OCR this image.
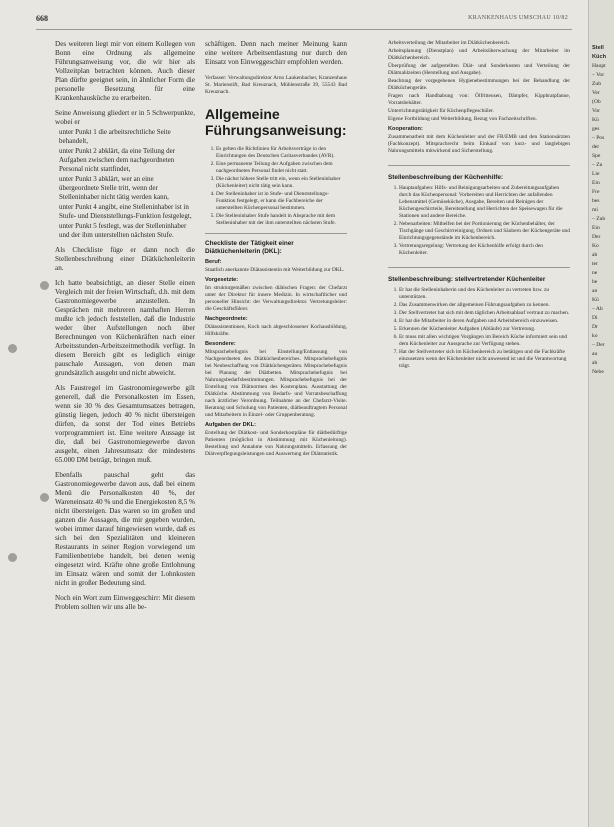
668	KRANKENHAUS UMSCHAU 10/82

Des weiteren liegt mir von einem Kollegen von Bonn eine Ordnung als allgemeine Führungsanweisung vor, die wir hier als Vollzeitplan betrachten können. Auch dieser Plan dürfte geeignet sein, in ähnlicher Form die personelle Besetzung für eine Krankenhausküche zu erarbeiten.

Seine Anweisung gliedert er in 5 Schwerpunkte, wobei er

unter Punkt 1 die arbeitsrechtliche Seite behandelt,
unter Punkt 2 abklärt, da eine Teilung der Aufgaben zwischen dem nachgeordneten Personal nicht stattfindet,
unter Punkt 3 abklärt, wer an eine übergeordnete Stelle tritt, wenn der Stelleninhaber nicht tätig werden kann,
unter Punkt 4 angibt, eine Stelleninhaber ist in Stufe- und Dienststellungs-Funktion festgelegt,
unter Punkt 5 festlegt, was der Stelleninhaber und der ihm unterstellten nächsten Stufe.

Als Checkliste füge er dann noch die Stellenbeschreibung einer Diätküchenleiterin an.

Ich hatte beabsichtigt, an dieser Stelle einen Vergleich mit der freien Wirtschaft, d.h. mit dem Gastronomiegewerbe anzustellen. In Gesprächen mit mehreren namhaften Herren mußte ich jedoch feststellen, daß die Industrie weder über Aufstellungen noch über Berechnungen von Küchenkräften nach einer Arbeitsstunden-Arbeitszeitmethodik verfügt. In diesem Bereich gibt es lediglich einige pauschale Aussagen, von denen man grundsätzlich ausgeht und nicht abweicht.

Als Faustregel im Gastronomiegewerbe gilt generell, daß die Personalkosten im Essen, wenn sie 30 % des Gesamtumsatzes betragen, günstig liegen, jedoch 40 % nicht übersteigen dürfen, da sonst der Tod eines Betriebs vorprogrammiert ist. Eine weitere Aussage ist die, daß bei Gastronomiegewerbe davon ausgeht, einen Jahresumsatz der mindestens 65.000 DM beträgt, bringen muß.

Ebenfalls pauschal geht das Gastronomiegewerbe davon aus, daß bei einem Menü die Personalkosten 40 %, der Wareneinsatz 40 % und die Energiekosten 8,5 % nicht übersteigen. Das waren so im großen und ganzen die Aussagen, die mir gegeben wurden, wobei immer darauf hingewiesen wurde, daß es sich bei den Spezialitäten und kleineren Restaurants in seiner Region vorwiegend um Familienbetriebe handelt, bei denen wenig eingesetzt wird. Kräfte ohne große Entlohnung im Einsatz wären und somit der Lohnkosten nicht in großer Bedeutung sind.

Noch ein Wort zum Einweggeschirr: Mit diesem Problem sollten wir uns alle be-

schäftigen. Denn nach meiner Meinung kann eine weitere Arbeitsentlastung nur durch den Einsatz von Einweggeschirr empfohlen werden.

Verfasser: Verwaltungsdirektor Arno Laukenbacher, Kranzenhaus St. Marienstift, Bad Kreuznach, Mühlenstraße 39, 55543 Bad Kreuznach.

Allgemeine Führungsanweisung:
1. Es gelten die Richtlinien für Arbeitsverträge in den Einrichtungen des Deutschen Caritasverbandes (AVR).
2. Eine permanente Teilung der Aufgaben zwischen dem nachgeordneten Personal findet nicht statt.
3. Die nächst höhere Stelle tritt ein, wenn ein Stelleninhaber (Küchenleiter) nicht tätig sein kann.
4. Der Stelleninhaber ist in Stufe- und Dienststellungs-Funktion festgelegt, er kann die Fachbereiche der unterstellten Küchenpersonal bestimmen.
5. Die Stelleninhaber Stufe handelt in Absprache mit dem Stelleninhaber mit der ihm unterstellten nächsten Stufe.
Checkliste der Tätigkeit einer Diätküchenleiterin (DKL):
Beruf:

Staatlich anerkannte Diätassistentin mit Weiterbildung zur DKL.

Vorgesetzte:

Im strukturgemäßen zwischen diätischen Fragen: der Chefarzt unter der Direktor für innere Medizin. In wirtschaftlicher und personeller Hinsicht: der Verwaltungsdirektor. Vertretungsleiter: die Geschäftsführer.

Nachgeordnete:

Diätassistentinnen, Koch nach abgeschlossener Kochausbildung, Hilfskräfte.

Besondere:

Mitsprachebefugnis bei Einstellung/Entlassung von Nachgeordneten des Diätküchenbereiches. Mitsprachebefugnis bei Neubeschaffung von Diätküchengeräten. Mitsprachebefugnis bei Planung der Diätbetten. Mitsprachebefugnis bei Nahrungsbedarfsbestimmungen. Mitsprachebefugnis bei der Erstellung von Diätnormen des Kostenplans. Ausstattung der Diätküche. Abstimmung von Bedarfs- und Vorratsbeschaffung nach ärztlicher Verordnung. Teilnahme an der Chefarzt-Visite. Beratung und Schulung von Patienten, diätbeauftragtem Personal und Mitarbeitern in Einzel- oder Gruppenberatung.

Aufgaben der DKL:

Erstellung der Diätkost- und Sonderkostpläne für diätbedürftige Patienten (möglichst in Abstimmung mit Küchenleitung). Bestellung und Annahme von Nahrungsmitteln. Erfassung der Diätverpflegungsleistungen und Auswertung der Diätstatistik.

Arbeitsverteilung der Mitarbeiter im Diätküchenbereich.

Arbeitsplanung (Dienstplan) und Arbeitsüberwachung der Mitarbeiter im Diätküchenbereich.

Überprüfung der aufgestellten Diät- und Sonderkosten und Verteilung der Diätmahlzeiten (Herstellung und Ausgabe).

Beachtung der vorgegebenen Hygienebestimmungen bei der Behandlung der Diätküchengeräte.

Fragen nach Handhabung von: Ölfritteusen, Dämpfer, Kippbratpfanne, Vorratsbehälter.

Unterrichtungstätigkeit für Küchenpflegeschüler.

Eigene Fortbildung und Weiterbildung, Bezug von Fachzeitschriften.

Kooperation:

Zusammenarbeit mit dem Küchenleiter und der FR/EMB und den Stationsärzten (Fachkonzept). Mitsprachrecht beim Einkauf von kurz- und langlebigen Nahrungsmitteln mitwirkend und Sicherstellung.

Stellenbeschreibung der Küchenhilfe:
1. Hauptaufgaben: Hilfs- und Reinigungsarbeiten und Zubereitungsaufgaben durch das Küchenpersonal: Vorbereiten und Herrichten der anfallenden Lebensmittel (Gemüseküche), Ausgabe, Bereiten und Reinigen der Küchengeschirrteile, Bereitstellung und Herrichten der Speisewagen für die Stationen und andere Bereiche.
2. Nebenarbeiten: Mithelfen bei der Portionierung der Küchenbehälter, der Tischgänge und Geschirrreinigung, Ordnen und Säubern der Küchengeräte und Einrichtungsgegenstände im Küchenbereich.
3. Vertretungsregelung: Vertretung der Küchenhilfe erfolgt durch den Küchenleiter.
Stellenbeschreibung: stellvertretender Küchenleiter
1. Er hat die Stelleninhaberin und den Küchenleiter zu vertreten bzw. zu unterstützen.
2. Das Zusammenwirken der allgemeinen Führungsaufgaben zu kennen.
3. Der Stellvertreter hat sich mit dem täglichen Arbeitsablauf vertraut zu machen.
4. Er hat die Mitarbeiter in deren Aufgaben und Arbeitsbereich einzuweisen.
5. Erkennen der Küchenleiter Aufgaben (Abläufe) zur Vertretung.
6. Er muss mit allen wichtigen Vorgängen im Bereich Küche informiert sein und dem Küchenleiter zur Aussprache zur Verfügung stehen.
7. Hat der Stellvertreter sich im Küchenbereich zu betätigen und die Fachkräfte einzusetzen wenn der Küchenleiter nicht anwesend ist und die Verantwortung trägt.
Stell
Küch
Haupt
– Vor
Zub
Ver
(Ob
Vor
Kü
ges
– Pos
der
Spe
– Zu
Lie
Ein
Fre
bes
mi
– Zub
Ein
Der
Ko
ab
ter
ne
be
an
Kü
– Ab
Di
Dr
ko
– Der
au
ab
Nebe
